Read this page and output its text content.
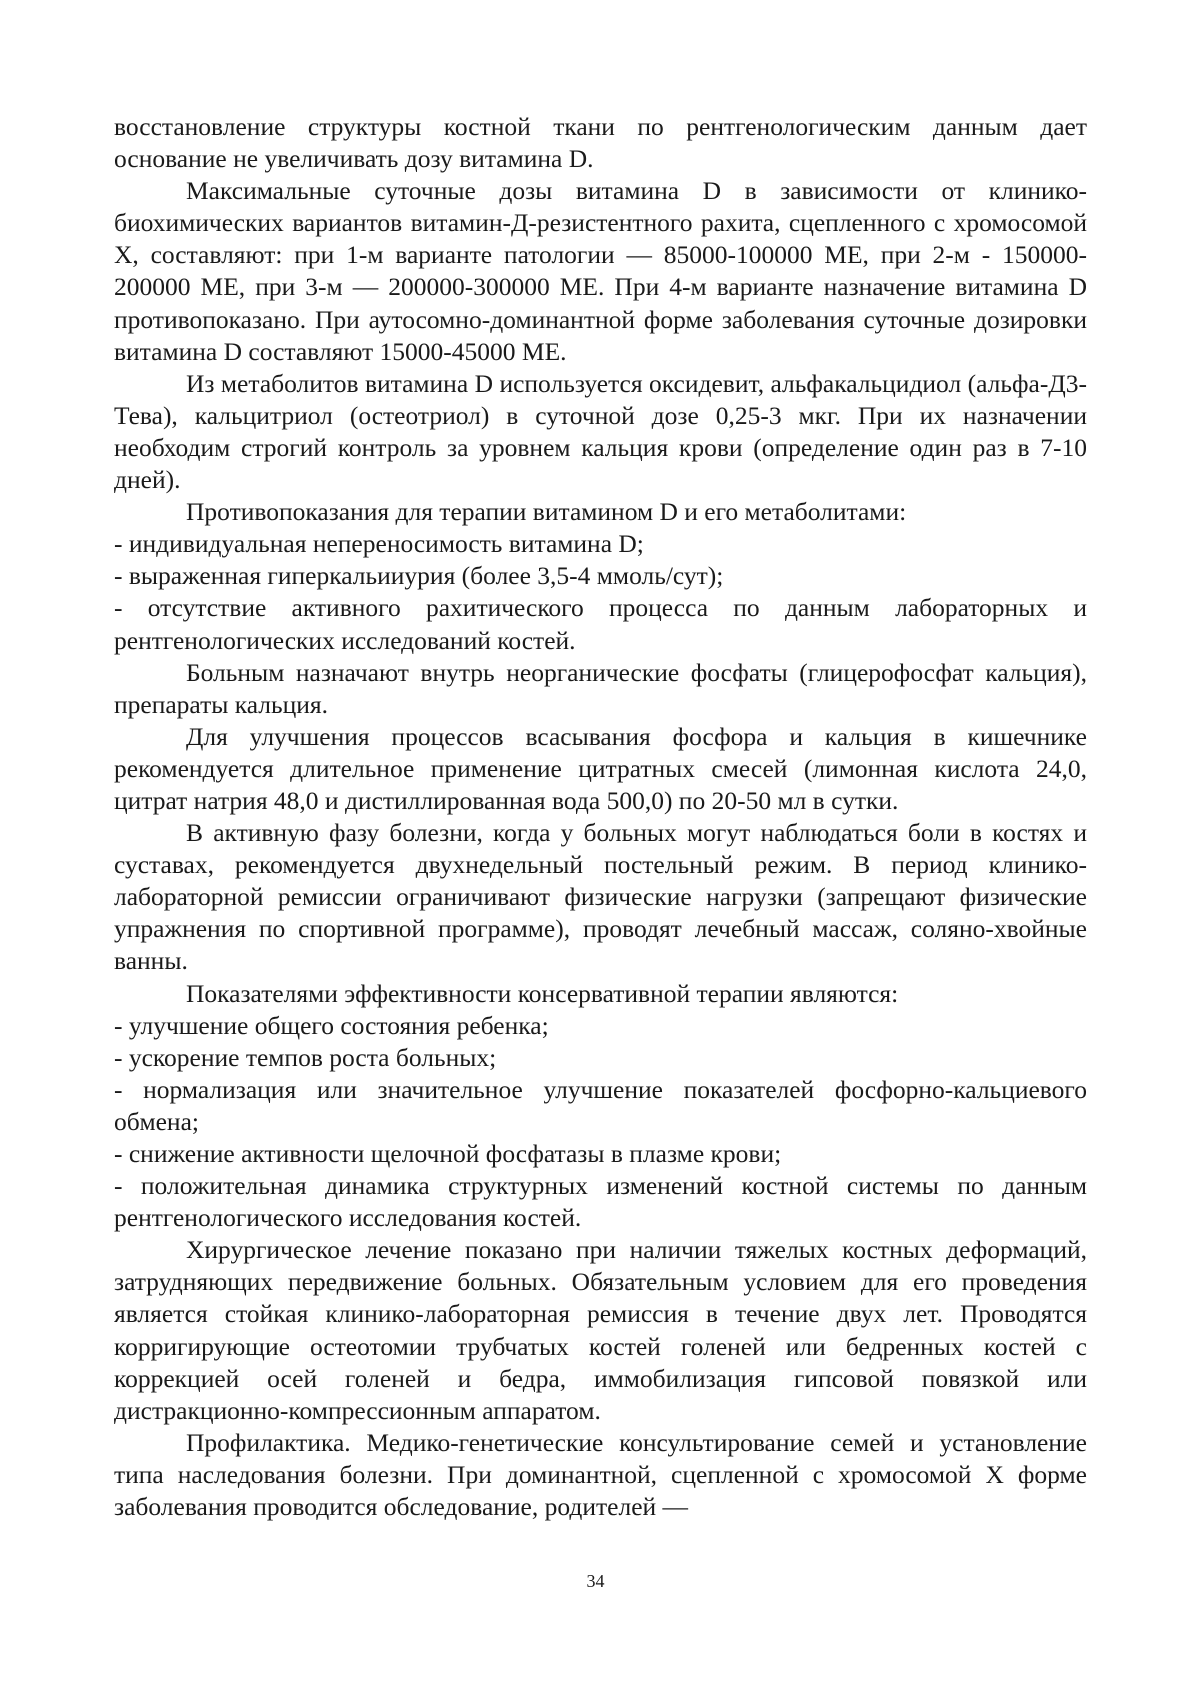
восстановление структуры костной ткани по рентгенологическим данным дает основание не увеличивать дозу витамина D.

Максимальные суточные дозы витамина D в зависимости от клинико-биохимических вариантов витамин-Д-резистентного рахита, сцепленного с хромосомой Х, составляют: при 1-м варианте патологии — 85000-100000 МЕ, при 2-м - 150000-200000 МЕ, при 3-м — 200000-300000 МЕ. При 4-м варианте назначение витамина D противопоказано. При аутосомно-доминантной форме заболевания суточные дозировки витамина D составляют 15000-45000 МЕ.

Из метаболитов витамина D используется оксидевит, альфакальцидиол (альфа-Д3-Тева), кальцитриол (остеотриол) в суточной дозе 0,25-3 мкг. При их назначении необходим строгий контроль за уровнем кальция крови (определение один раз в 7-10 дней).

Противопоказания для терапии витамином D и его метаболитами:

- индивидуальная непереносимость витамина D;

- выраженная гиперкальииурия (более 3,5-4 ммоль/сут);

- отсутствие активного рахитического процесса по данным лабораторных и рентгенологических исследований костей.

Больным назначают внутрь неорганические фосфаты (глицерофосфат кальция), препараты кальция.

Для улучшения процессов всасывания фосфора и кальция в кишечнике рекомендуется длительное применение цитратных смесей (лимонная кислота 24,0, цитрат натрия 48,0 и дистиллированная вода 500,0) по 20-50 мл в сутки.

В активную фазу болезни, когда у больных могут наблюдаться боли в костях и суставах, рекомендуется двухнедельный постельный режим. В период клинико-лабораторной ремиссии ограничивают физические нагрузки (запрещают физические упражнения по спортивной программе), проводят лечебный массаж, соляно-хвойные ванны.

Показателями эффективности консервативной терапии являются:

- улучшение общего состояния ребенка;

- ускорение темпов роста больных;

- нормализация или значительное улучшение показателей фосфорно-кальциевого обмена;

- снижение активности щелочной фосфатазы в плазме крови;

- положительная динамика структурных изменений костной системы по данным рентгенологического исследования костей.

Хирургическое лечение показано при наличии тяжелых костных деформаций, затрудняющих передвижение больных. Обязательным условием для его проведения является стойкая клинико-лабораторная ремиссия в течение двух лет. Проводятся корригирующие остеотомии трубчатых костей голеней или бедренных костей с коррекцией осей голеней и бедра, иммобилизация гипсовой повязкой или дистракционно-компрессионным аппаратом.

Профилактика. Медико-генетические консультирование семей и установление типа наследования болезни. При доминантной, сцепленной с хромосомой Х форме заболевания проводится обследование, родителей —

34
